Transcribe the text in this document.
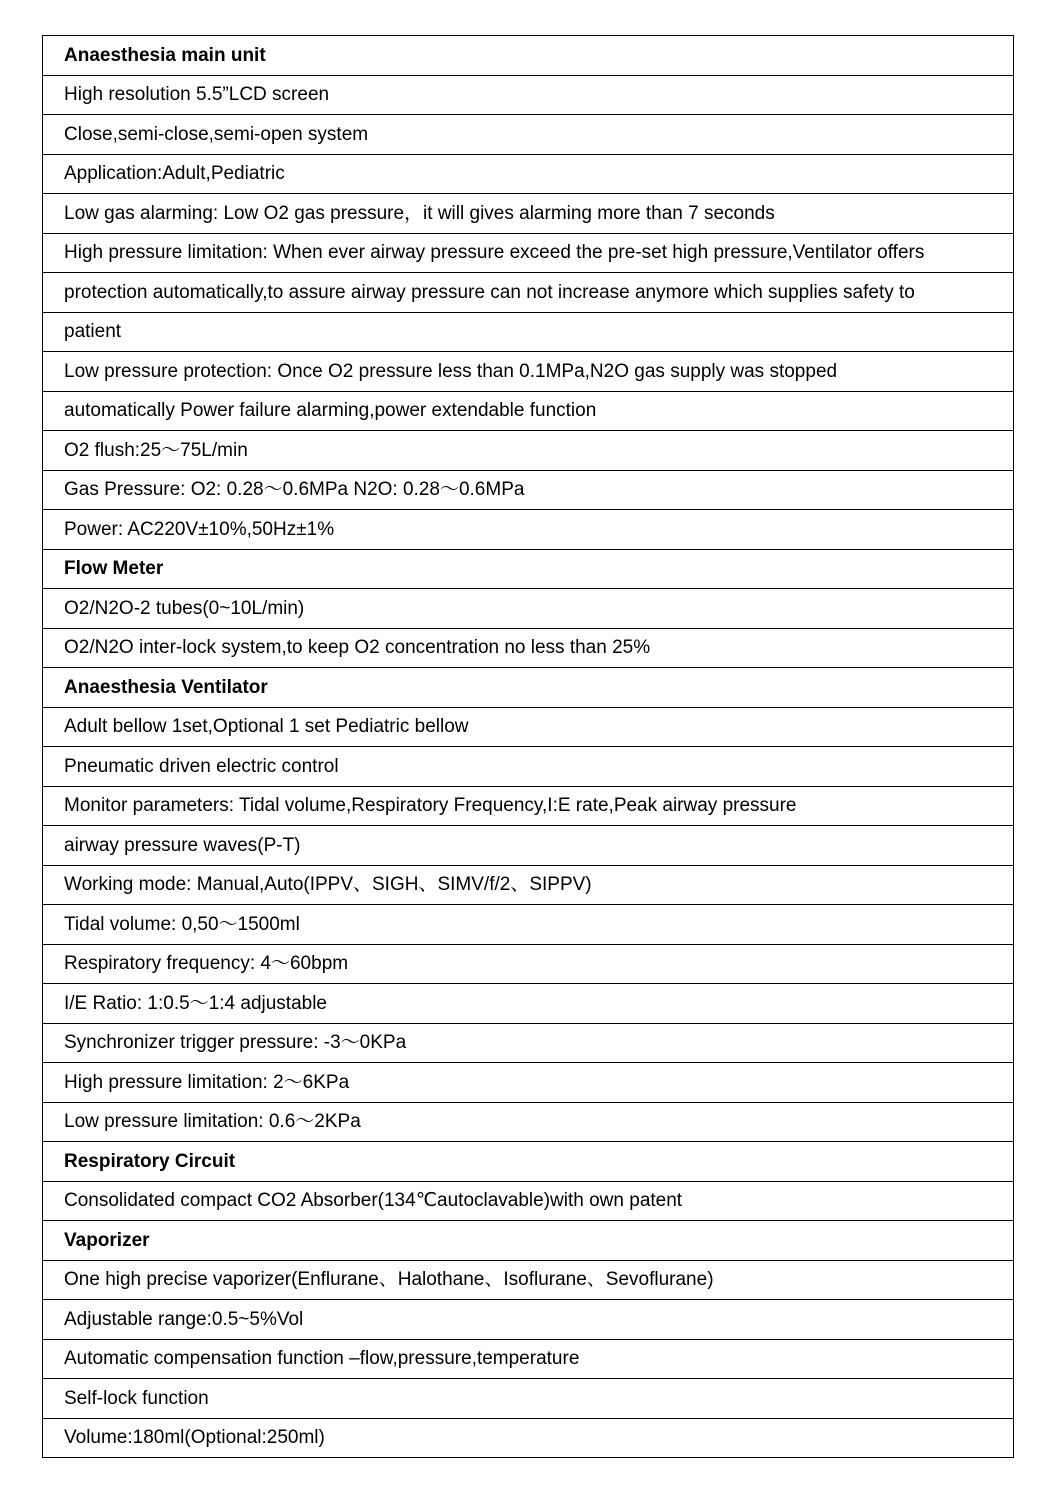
Anaesthesia main unit
High resolution 5.5”LCD screen
Close,semi-close,semi-open system
Application:Adult,Pediatric
Low gas alarming: Low O2 gas pressure，it will gives alarming more than 7 seconds
High pressure limitation: When ever airway pressure exceed the pre-set high pressure,Ventilator offers
protection automatically,to assure airway pressure can not increase anymore which supplies safety to
patient
Low pressure protection: Once O2 pressure less than 0.1MPa,N2O gas supply was stopped
automatically Power failure alarming,power extendable function
O2 flush:25〜75L/min
Gas Pressure: O2: 0.28〜0.6MPa N2O: 0.28〜0.6MPa
Power: AC220V±10%,50Hz±1%
Flow Meter
O2/N2O-2 tubes(0~10L/min)
O2/N2O inter-lock system,to keep O2 concentration no less than 25%
Anaesthesia Ventilator
Adult bellow 1set,Optional 1 set Pediatric bellow
Pneumatic driven electric control
Monitor parameters: Tidal volume,Respiratory Frequency,I:E rate,Peak airway pressure
airway pressure waves(P-T)
Working mode: Manual,Auto(IPPV、SIGH、SIMV/f/2、SIPPV)
Tidal volume: 0,50〜1500ml
Respiratory frequency: 4〜60bpm
I/E Ratio: 1:0.5〜1:4 adjustable
Synchronizer trigger pressure: -3〜0KPa
High pressure limitation: 2〜6KPa
Low pressure limitation: 0.6〜2KPa
Respiratory Circuit
Consolidated compact CO2 Absorber(134℃autoclavable)with own patent
Vaporizer
One high precise vaporizer(Enflurane、Halothane、Isoflurane、Sevoflurane)
Adjustable range:0.5~5%Vol
Automatic compensation function –flow,pressure,temperature
Self-lock function
Volume:180ml(Optional:250ml)
